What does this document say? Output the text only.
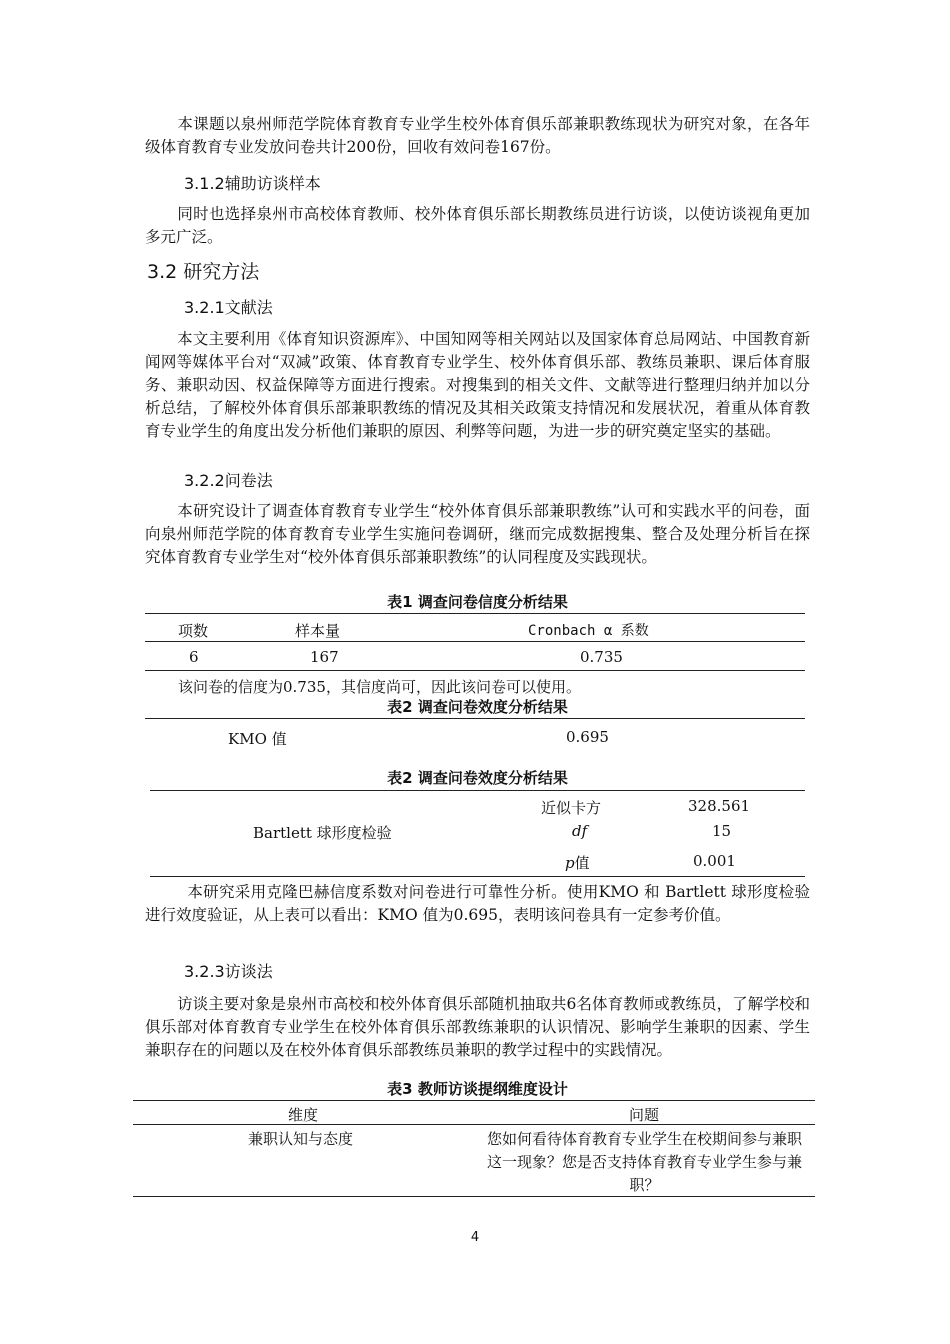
本课题以泉州师范学院体育教育专业学生校外体育俱乐部兼职教练现状为研究对象，在各年级体育教育专业发放问卷共计200份，回收有效问卷167份。
3.1.2辅助访谈样本
同时也选择泉州市高校体育教师、校外体育俱乐部长期教练员进行访谈，以使访谈视角更加多元广泛。
3.2 研究方法
3.2.1文献法
本文主要利用《体育知识资源库》、中国知网等相关网站以及国家体育总局网站、中国教育新闻网等媒体平台对“双减”政策、体育教育专业学生、校外体育俱乐部、教练员兼职、课后体育服务、兼职动因、权益保障等方面进行搜索。对搜集到的相关文件、文献等进行整理归纳并加以分析总结，了解校外体育俱乐部兼职教练的情况及其相关政策支持情况和发展状况，着重从体育教育专业学生的角度出发分析他们兼职的原因、利弊等问题，为进一步的研究奠定坚实的基础。
3.2.2问卷法
本研究设计了调查体育教育专业学生“校外体育俱乐部兼职教练”认可和实践水平的问卷，面向泉州师范学院的体育教育专业学生实施问卷调研，继而完成数据搜集、整合及处理分析旨在探究体育教育专业学生对“校外体育俱乐部兼职教练”的认同程度及实践现状。
表1 调查问卷信度分析结果
项数	样本量	Cronbach α 系数
6	167	0.735
该问卷的信度为0.735，其信度尚可，因此该问卷可以使用。
表2 调查问卷效度分析结果
KMO 值	0.695
表2 调查问卷效度分析结果
Bartlett 球形度检验
近似卡方	328.561
df	15
p值	0.001
本研究采用克隆巴赫信度系数对问卷进行可靠性分析。使用KMO 和 Bartlett 球形度检验进行效度验证，从上表可以看出：KMO 值为0.695，表明该问卷具有一定参考价值。
3.2.3访谈法
访谈主要对象是泉州市高校和校外体育俱乐部随机抽取共6名体育教师或教练员，了解学校和俱乐部对体育教育专业学生在校外体育俱乐部教练兼职的认识情况、影响学生兼职的因素、学生兼职存在的问题以及在校外体育俱乐部教练员兼职的教学过程中的实践情况。
表3 教师访谈提纲维度设计
维度	问题
兼职认知与态度	您如何看待体育教育专业学生在校期间参与兼职这一现象？您是否支持体育教育专业学生参与兼职？
4
